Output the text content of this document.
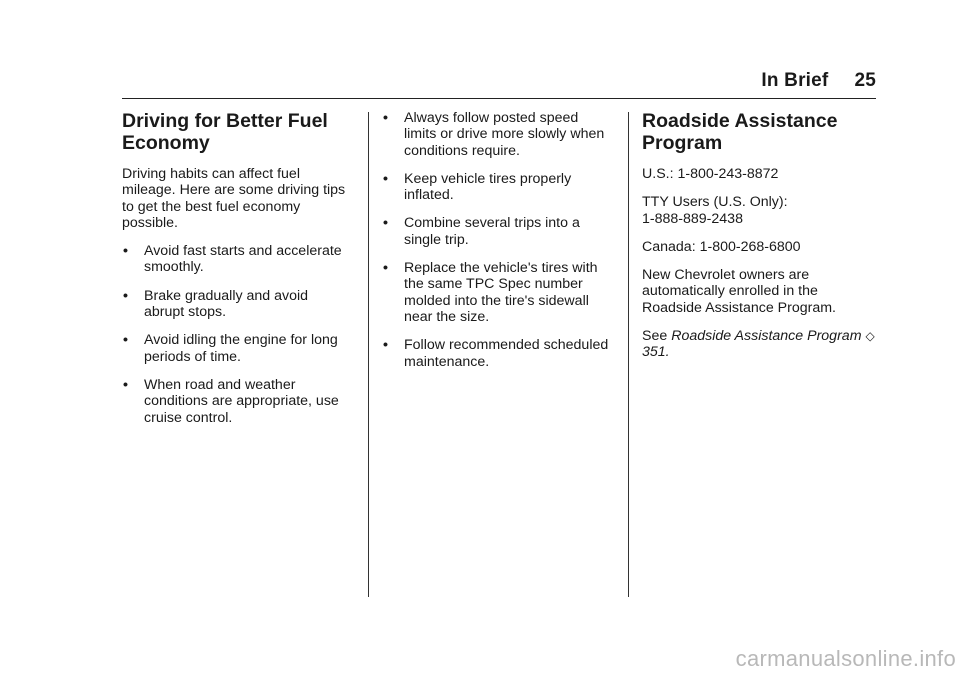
In Brief 25
Driving for Better Fuel Economy

Driving habits can affect fuel mileage. Here are some driving tips to get the best fuel economy possible.

• Avoid fast starts and accelerate smoothly.
• Brake gradually and avoid abrupt stops.
• Avoid idling the engine for long periods of time.
• When road and weather conditions are appropriate, use cruise control.
• Always follow posted speed limits or drive more slowly when conditions require.
• Keep vehicle tires properly inflated.
• Combine several trips into a single trip.
• Replace the vehicle's tires with the same TPC Spec number molded into the tire's sidewall near the size.
• Follow recommended scheduled maintenance.
Roadside Assistance Program

U.S.: 1-800-243-8872

TTY Users (U.S. Only):
1-888-889-2438

Canada: 1-800-268-6800

New Chevrolet owners are automatically enrolled in the Roadside Assistance Program.

See Roadside Assistance Program ◇ 351.

carmanualsonline.info
